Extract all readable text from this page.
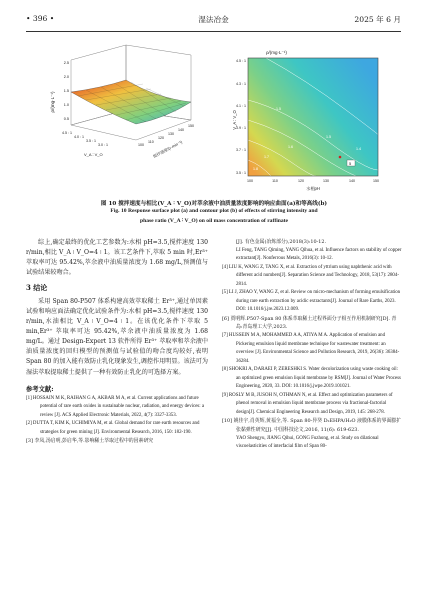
• 396 •	湿法冶金	2025 年 6 月
ρ/(mg·L⁻¹)
2.5
2.0
1.5
1.0
0.5
4.5 : 1
4.0 : 1
3.5 : 1
3.0 : 1
V_A ∶ V_O
100
110
120
130
140
150
搅拌速度/(r·min⁻¹)	1.4
1.5
1.5
1.6
1.7
1.8
5
ρ/(mg·L⁻¹)
V_A ∶ V_O
4.5 : 1
4.3 : 1
4.1 : 1
3.9 : 1
3.7 : 1
3.5 : 1
100	110	120	130	140	150
水相pH
图 10 搅拌速度与相比(V_A ∶ V_O)对萃余液中油质量浓度影响的响应曲面(a)和等高线(b)
Fig. 10 Response surface plot (a) and contour plot (b) of effects of stirring intensity and
phase ratio (V_A ∶ V_O) on oil mass concentration of raffinate

综上,确定最终的优化工艺参数为:水相 pH=3.5,搅拌速度 130 r/min,相比 V_A ∶ V_O=4 ∶ 1。该工艺条件下,萃取 5 min 时,Er³⁺ 萃取率可达 95.42%,萃余液中油质量浓度为 1.68 mg/L,预测值与试验结果较吻合。

3 结论

采用 Span 80-P507 体系构建高效萃取稀土 Er³⁺,通过单因素试验和响应面法确定优化试验条件为:水相 pH=3.5,搅拌速度 130 r/min,水油相比 V_A ∶ V_O=4 ∶ 1。在该优化条件下萃取 5 min,Er³⁺ 萃取率可达 95.42%,萃余液中油质量浓度为 1.68 mg/L。通过 Design-Expert 13 软件所得 Er³⁺ 萃取率和萃余液中油质量浓度的回归模型的预测值与试验值的吻合度均较好,表明 Span 80 的加入能有效防止乳化现象发生,调控作用明显。该法可为湿法萃取提取稀土提供了一种有效防止乳化的可选择方案。

参考文献:

[1] HOSSAIN M K, RAIHAN G A, AKBAR M A, et al. Current applications and future potential of rare earth oxides in sustainable nuclear, radiation, and energy devices: a review [J]. ACS Applied Electronic Materials, 2022, 4(7): 3327-3353.

[2] DUTTA T, KIM K, UCHIMIYA M, et al. Global demand for rare earth resources and strategies for green mining [J]. Environmental Research, 2016, 150: 182-190.

[3] 李凤,汤启明,彭启华,等.影响稀土萃取过程中的因素研究

[J]. 有色金属(冶炼部分),2018(3):10-12.

LI Feng, TANG Qiming, YANG Qihua, et al. Influence factors on stability of copper extractant[J]. Nonferrous Metals, 2016(3): 10-12.

[4] LIU K, WANG Z, TANG X, et al. Extraction of yttrium using naphthenic acid with different acid numbers[J]. Separation Science and Technology, 2018, 53(17): 2804-2814.

[5] LI J, ZHAO Y, WANG Z, et al. Review on micro-mechanism of forming emulsification during rare earth extraction by acidic extractants[J]. Journal of Rare Earths, 2023. DOI: 10.1016/j.jre.2023.12.009.

[6] 贾明辉.P507-Span 80 体系萃取稀土过程界面分子相互作用机制研究[D]. 青岛:青岛理工大学,2023.

[7] HUSSEIN M A, MOHAMMED A A, ATIYA M A. Application of emulsion and Pickering emulsion liquid membrane technique for wastewater treatment: an overview [J]. Environmental Science and Pollution Research, 2019, 26(36): 36384-36284.

[8] SHOKRI A, DARAEI P, ZERESHKI S. Water decolorization using waste cooking oil: an optimized green emulsion liquid membrane by RSM[J]. Journal of Water Process Engineering, 2020, 33. DOI: 10.1016/j.jwpe.2019.101021.

[9] ROSLY M B, JUSOH N, OTHMAN N, et al. Effect and optimization parameters of phenol removal in emulsion liquid membrane process via fractional-factorial design[J]. Chemical Engineering Research and Design, 2019, 145: 268-278.

[10] 姚佳宇,肖英辉,黄福全,等. Span 80-异癸 D₂EHPA/H₂O 液膜体系的界面膨扩张黏弹性研究[J]. 中国科技论文,2016, 11(6): 619-623.

YAO Shengyu, JIANG Qihui, GONG Fuzhong, et al. Study on dilational viscoelasticities of interfacial film of Span 80-
